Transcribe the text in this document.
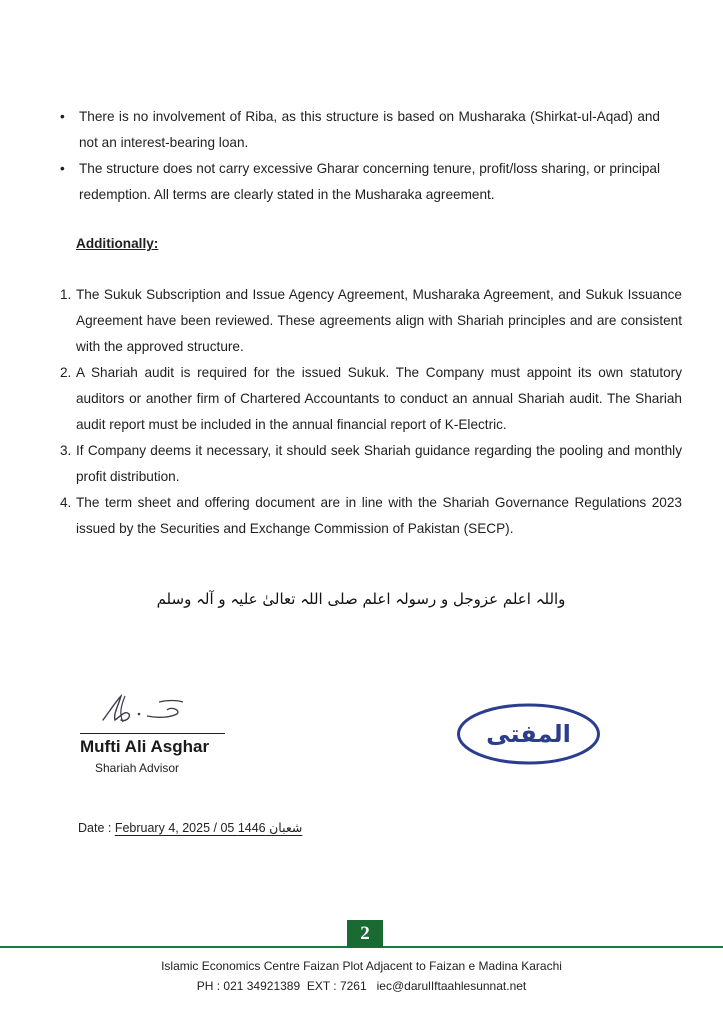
• There is no involvement of Riba, as this structure is based on Musharaka (Shirkat-ul-Aqad) and not an interest-bearing loan.
• The structure does not carry excessive Gharar concerning tenure, profit/loss sharing, or principal redemption. All terms are clearly stated in the Musharaka agreement.
Additionally:
1. The Sukuk Subscription and Issue Agency Agreement, Musharaka Agreement, and Sukuk Issuance Agreement have been reviewed. These agreements align with Shariah principles and are consistent with the approved structure.
2. A Shariah audit is required for the issued Sukuk. The Company must appoint its own statutory auditors or another firm of Chartered Accountants to conduct an annual Shariah audit. The Shariah audit report must be included in the annual financial report of K-Electric.
3. If Company deems it necessary, it should seek Shariah guidance regarding the pooling and monthly profit distribution.
4. The term sheet and offering document are in line with the Shariah Governance Regulations 2023 issued by the Securities and Exchange Commission of Pakistan (SECP).
واللہ اعلم عزوجل و رسولہ اعلم صلی اللہ تعالیٰ علیہ و آلہ وسلم
Mufti Ali Asghar
Shariah Advisor
المفتی
Date : February 4, 2025 / 05 شعبان 1446
2
Islamic Economics Centre Faizan Plot Adjacent to Faizan e Madina Karachi
PH : 021 34921389  EXT : 7261   iec@darulIftaahlesunnat.net
